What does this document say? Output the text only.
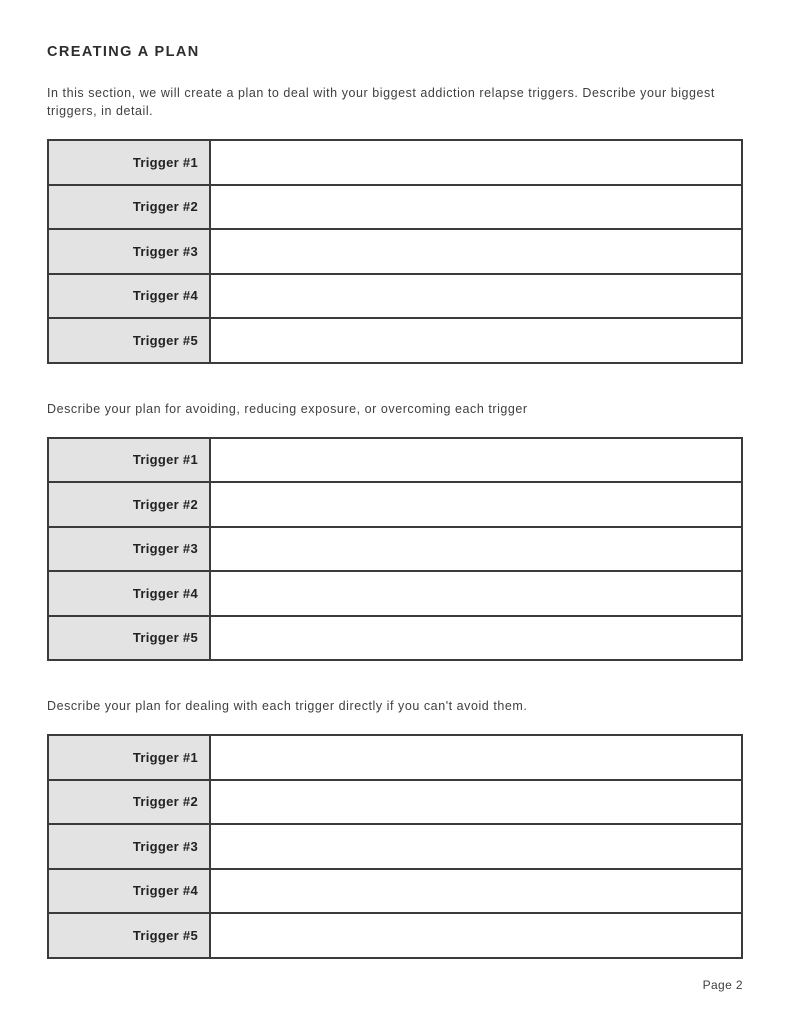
CREATING A PLAN

In this section, we will create a plan to deal with your biggest addiction relapse triggers. Describe your biggest triggers, in detail.

Trigger #1	
Trigger #2	
Trigger #3	
Trigger #4	
Trigger #5	

Describe your plan for avoiding, reducing exposure, or overcoming each trigger

Trigger #1	
Trigger #2	
Trigger #3	
Trigger #4	
Trigger #5	

Describe your plan for dealing with each trigger directly if you can't avoid them.

Trigger #1	
Trigger #2	
Trigger #3	
Trigger #4	
Trigger #5	
Page 2
